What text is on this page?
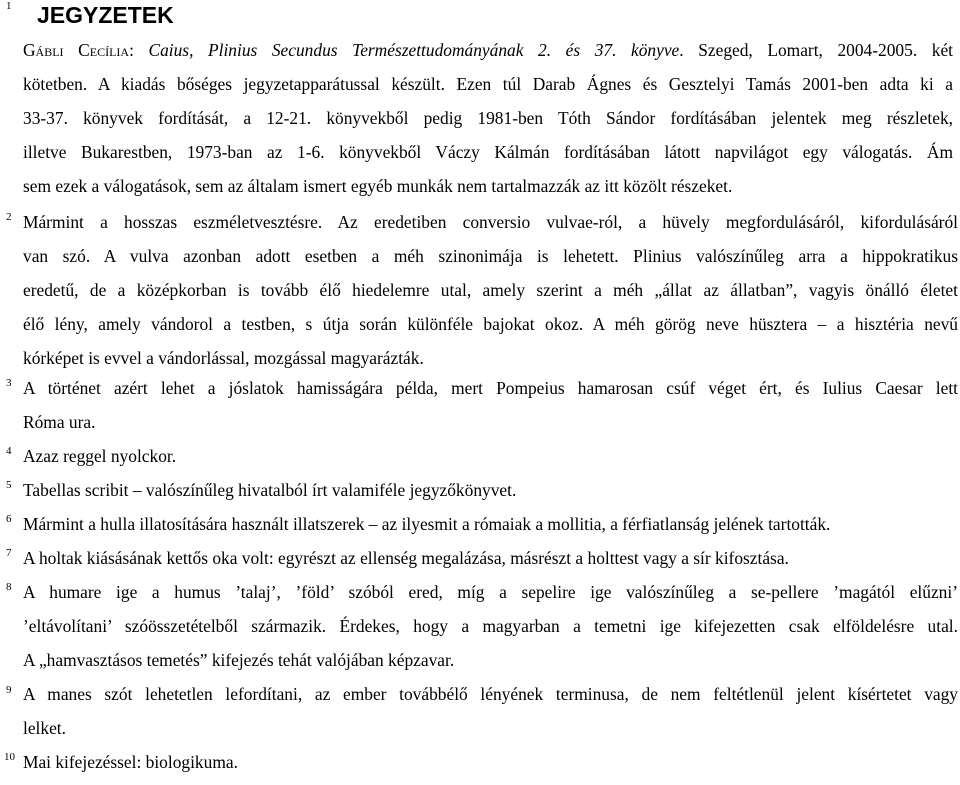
1 JEGYZETEK

Gábli Cecília: Caius, Plinius Secundus Természettudományának 2. és 37. könyve. Szeged, Lomart, 2004-2005. két
kötetben. A kiadás bőséges jegyzetapparátussal készült. Ezen túl Darab Ágnes és Gesztelyi Tamás 2001-ben adta ki a
33-37. könyvek fordítását, a 12-21. könyvekből pedig 1981-ben Tóth Sándor fordításában jelentek meg részletek,
illetve Bukarestben, 1973-ban az 1-6. könyvekből Váczy Kálmán fordításában látott napvilágot egy válogatás. Ám
sem ezek a válogatások, sem az általam ismert egyéb munkák nem tartalmazzák az itt közölt részeket.

2 Mármint a hosszas eszméletvesztésre. Az eredetiben conversio vulvae-ról, a hüvely megfordulásáról, kifordulásáról
van szó. A vulva azonban adott esetben a méh szinonimája is lehetett. Plinius valószínűleg arra a hippokratikus
eredetű, de a középkorban is tovább élő hiedelemre utal, amely szerint a méh „állat az állatban”, vagyis önálló életet
élő lény, amely vándorol a testben, s útja során különféle bajokat okoz. A méh görög neve hüsztera – a hisztéria nevű
kórképet is evvel a vándorlással, mozgással magyarázták.

3 A történet azért lehet a jóslatok hamisságára példa, mert Pompeius hamarosan csúf véget ért, és Iulius Caesar lett
Róma ura.

4 Azaz reggel nyolckor.

5 Tabellas scribit – valószínűleg hivatalból írt valamiféle jegyzőkönyvet.

6 Mármint a hulla illatosítására használt illatszerek – az ilyesmit a rómaiak a mollitia, a férfiatlanság jelének tartották.

7 A holtak kiásásának kettős oka volt: egyrészt az ellenség megalázása, másrészt a holttest vagy a sír kifosztása.

8 A humare ige a humus ’talaj’, ’föld’ szóból ered, míg a sepelire ige valószínűleg a se-pellere ’magától elűzni’
’eltávolítani’ szóösszetételből származik. Érdekes, hogy a magyarban a temetni ige kifejezetten csak elföldelésre utal.
A „hamvasztásos temetés” kifejezés tehát valójában képzavar.

9 A manes szót lehetetlen lefordítani, az ember továbbélő lényének terminusa, de nem feltétlenül jelent kísértetet vagy
lelket.

10 Mai kifejezéssel: biologikuma.
